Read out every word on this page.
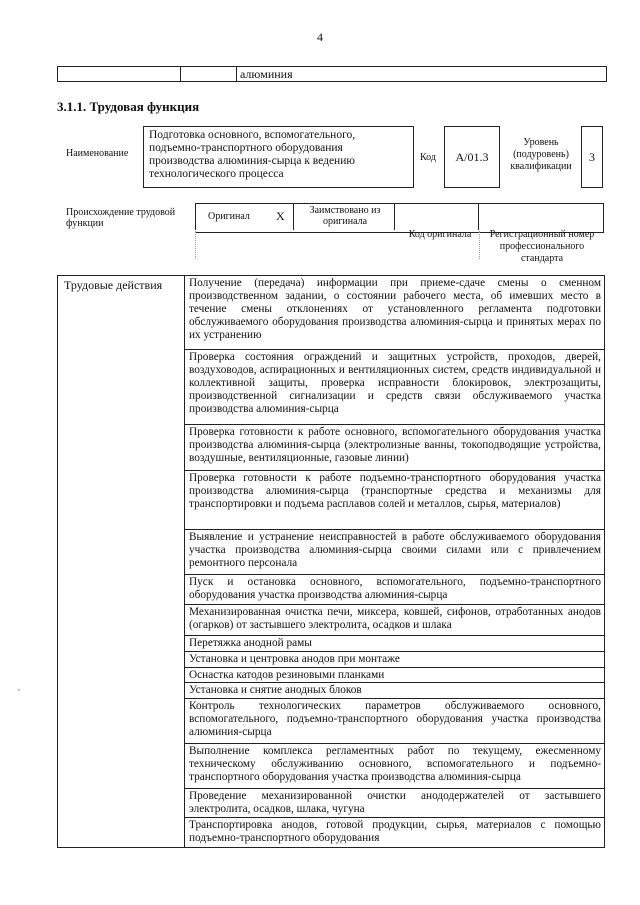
4
алюминия
3.1.1. Трудовая функция
Наименование
Подготовка основного, вспомогательного, подъемно-транспортного оборудования производства алюминия-сырца к ведению технологического процесса
Код	А/01.3
Уровень (подуровень) квалификации
3
Происхождение трудовой функции
Оригинал X	Заимствовано из оригинала
Код оригинала	Регистрационный номер профессионального стандарта
Трудовые действия	Получение (передача) информации при приеме-сдаче смены о сменном производственном задании, о состоянии рабочего места, об имевших место в течение смены отклонениях от установленного регламента подготовки обслуживаемого оборудования производства алюминия-сырца и принятых мерах по их устранению
Проверка состояния ограждений и защитных устройств, проходов, дверей, воздуховодов, аспирационных и вентиляционных систем, средств индивидуальной и коллективной защиты, проверка исправности блокировок, электрозащиты, производственной сигнализации и средств связи обслуживаемого участка производства алюминия-сырца
Проверка готовности к работе основного, вспомогательного оборудования участка производства алюминия-сырца (электролизные ванны, токоподводящие устройства, воздушные, вентиляционные, газовые линии)
Проверка готовности к работе подъемно-транспортного оборудования участка производства алюминия-сырца (транспортные средства и механизмы для транспортировки и подъема расплавов солей и металлов, сырья, материалов)
Выявление и устранение неисправностей в работе обслуживаемого оборудования участка производства алюминия-сырца своими силами или с привлечением ремонтного персонала
Пуск и остановка основного, вспомогательного, подъемно-транспортного оборудования участка производства алюминия-сырца
Механизированная очистка печи, миксера, ковшей, сифонов, отработанных анодов (огарков) от застывшего электролита, осадков и шлака
Перетяжка анодной рамы
Установка и центровка анодов при монтаже
Оснастка катодов резиновыми планками
Установка и снятие анодных блоков
Контроль технологических параметров обслуживаемого основного, вспомогательного, подъемно-транспортного оборудования участка производства алюминия-сырца
Выполнение комплекса регламентных работ по текущему, ежесменному техническому обслуживанию основного, вспомогательного и подъемно-транспортного оборудования участка производства алюминия-сырца
Проведение механизированной очистки анододержателей от застывшего электролита, осадков, шлака, чугуна
Транспортировка анодов, готовой продукции, сырья, материалов с помощью подъемно-транспортного оборудования
,
